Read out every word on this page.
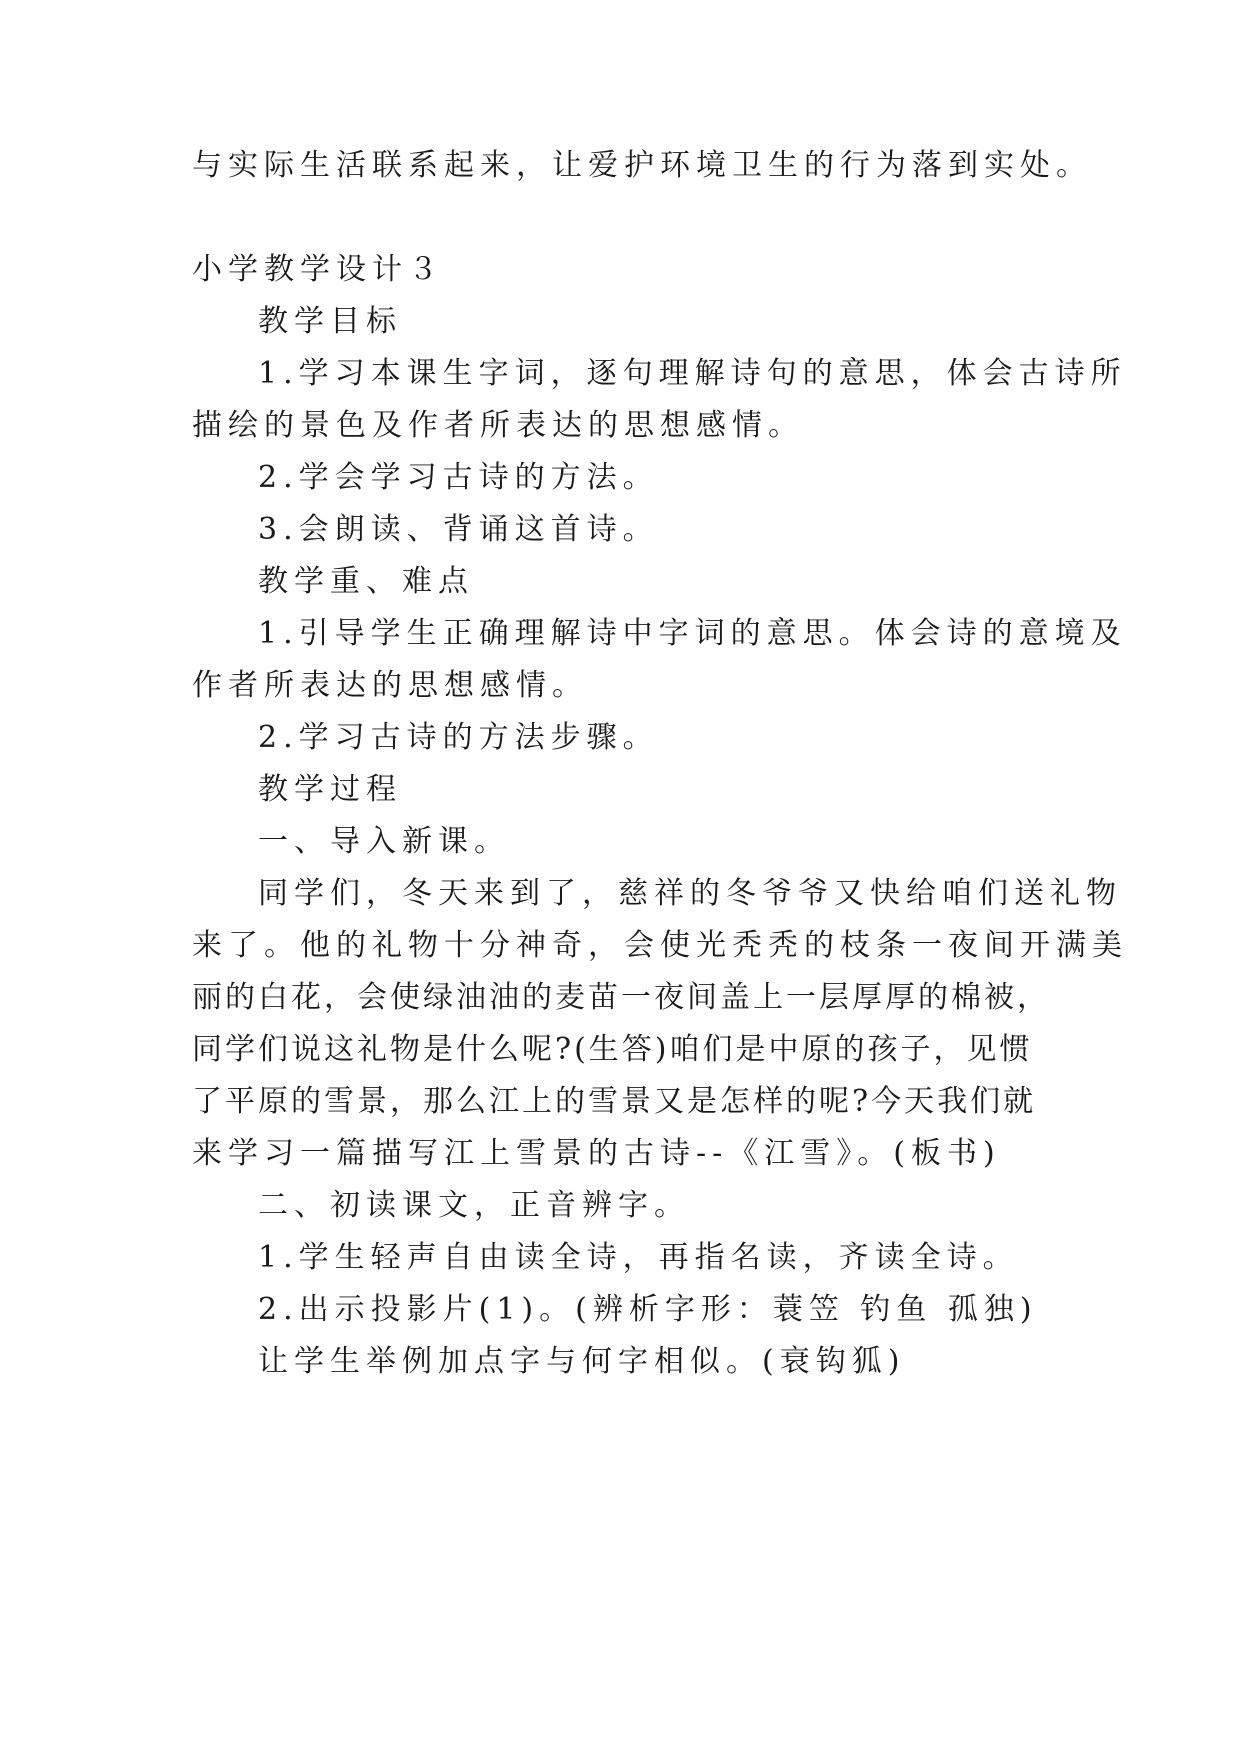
与实际生活联系起来，让爱护环境卫生的行为落到实处。
小学教学设计３
教学目标
1.学习本课生字词，逐句理解诗句的意思，体会古诗所
描绘的景色及作者所表达的思想感情。
2.学会学习古诗的方法。
3.会朗读、背诵这首诗。
教学重、难点
1.引导学生正确理解诗中字词的意思。体会诗的意境及
作者所表达的思想感情。
2.学习古诗的方法步骤。
教学过程
一、导入新课。
同学们，冬天来到了，慈祥的冬爷爷又快给咱们送礼物
来了。他的礼物十分神奇，会使光秃秃的枝条一夜间开满美
丽的白花，会使绿油油的麦苗一夜间盖上一层厚厚的棉被，
同学们说这礼物是什么呢?(生答)咱们是中原的孩子，见惯
了平原的雪景，那么江上的雪景又是怎样的呢?今天我们就
来学习一篇描写江上雪景的古诗--《江雪》。(板书)
二、初读课文，正音辨字。
1.学生轻声自由读全诗，再指名读，齐读全诗。
2.出示投影片(1)。(辨析字形：蓑笠 钓鱼 孤独)
让学生举例加点字与何字相似。(衰钩狐)
